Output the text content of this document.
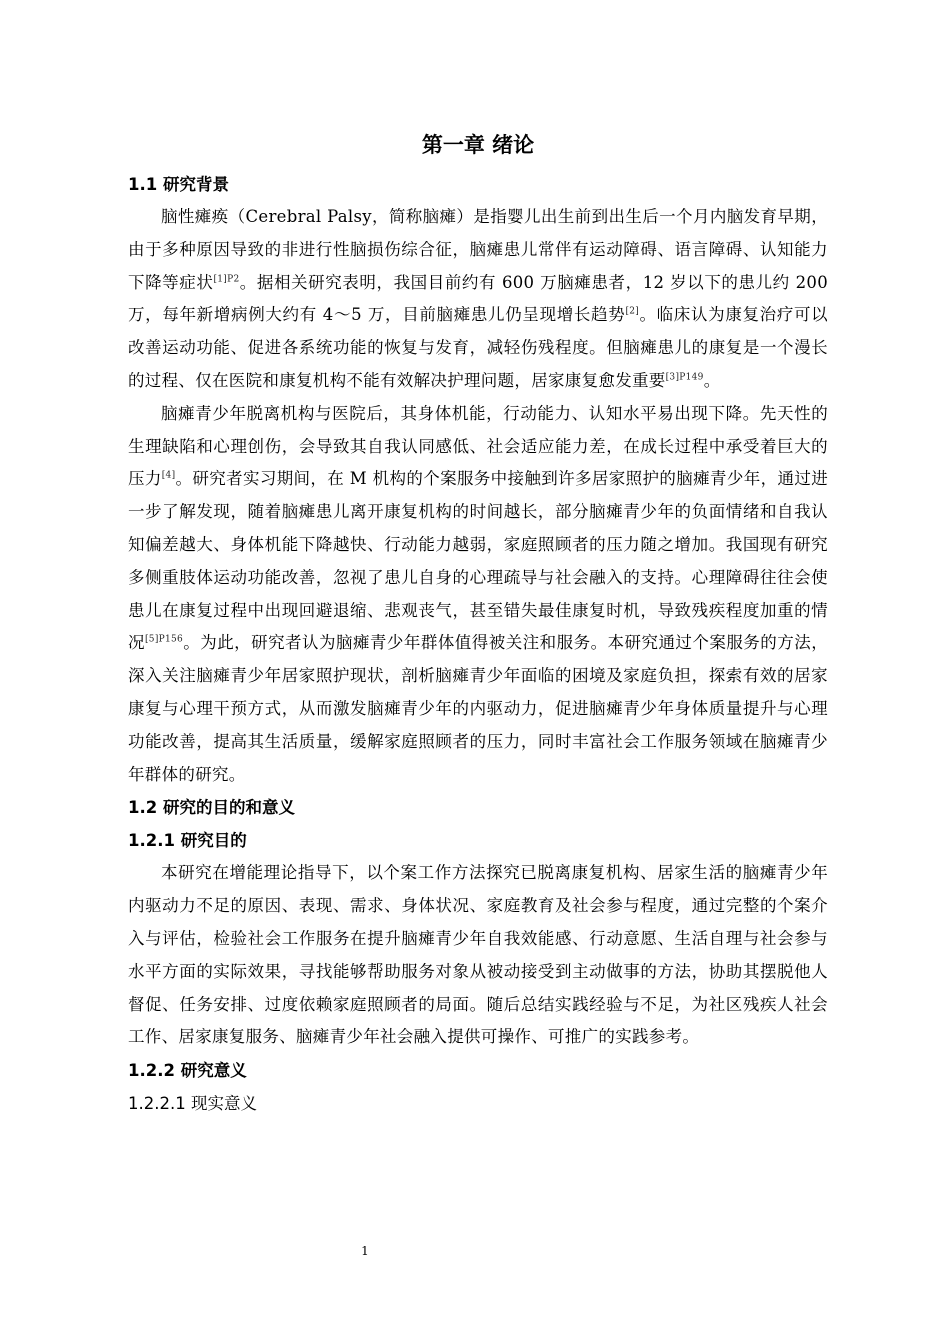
第一章 绪论
1.1 研究背景

脑性瘫痪（Cerebral Palsy，简称脑瘫）是指婴儿出生前到出生后一个月内脑发育早期，由于多种原因导致的非进行性脑损伤综合征，脑瘫患儿常伴有运动障碍、语言障碍、认知能力下降等症状$^{[1]P2}$。据相关研究表明，我国目前约有 600 万脑瘫患者，12 岁以下的患儿约 200 万，每年新增病例大约有 4～5 万，目前脑瘫患儿仍呈现增长趋势[2]。临床认为康复治疗可以改善运动功能、促进各系统功能的恢复与发育，减轻伤残程度。但脑瘫患儿的康复是一个漫长的过程、仅在医院和康复机构不能有效解决护理问题，居家康复愈发重要$^{[3]P149}$。

脑瘫青少年脱离机构与医院后，其身体机能，行动能力、认知水平易出现下降。先天性的生理缺陷和心理创伤，会导致其自我认同感低、社会适应能力差，在成长过程中承受着巨大的压力[4]。研究者实习期间，在 M 机构的个案服务中接触到许多居家照护的脑瘫青少年，通过进一步了解发现，随着脑瘫患儿离开康复机构的时间越长，部分脑瘫青少年的负面情绪和自我认知偏差越大、身体机能下降越快、行动能力越弱，家庭照顾者的压力随之增加。我国现有研究多侧重肢体运动功能改善，忽视了患儿自身的心理疏导与社会融入的支持。心理障碍往往会使患儿在康复过程中出现回避退缩、悲观丧气，甚至错失最佳康复时机，导致残疾程度加重的情况$^{[5]P156}$。为此，研究者认为脑瘫青少年群体值得被关注和服务。本研究通过个案服务的方法，深入关注脑瘫青少年居家照护现状，剖析脑瘫青少年面临的困境及家庭负担，探索有效的居家康复与心理干预方式，从而激发脑瘫青少年的内驱动力，促进脑瘫青少年身体质量提升与心理功能改善，提高其生活质量，缓解家庭照顾者的压力，同时丰富社会工作服务领域在脑瘫青少年群体的研究。

1.2 研究的目的和意义
1.2.1 研究目的

本研究在增能理论指导下，以个案工作方法探究已脱离康复机构、居家生活的脑瘫青少年内驱动力不足的原因、表现、需求、身体状况、家庭教育及社会参与程度，通过完整的个案介入与评估，检验社会工作服务在提升脑瘫青少年自我效能感、行动意愿、生活自理与社会参与水平方面的实际效果，寻找能够帮助服务对象从被动接受到主动做事的方法，协助其摆脱他人督促、任务安排、过度依赖家庭照顾者的局面。随后总结实践经验与不足，为社区残疾人社会工作、居家康复服务、脑瘫青少年社会融入提供可操作、可推广的实践参考。

1.2.2 研究意义
1.2.2.1 现实意义
1
